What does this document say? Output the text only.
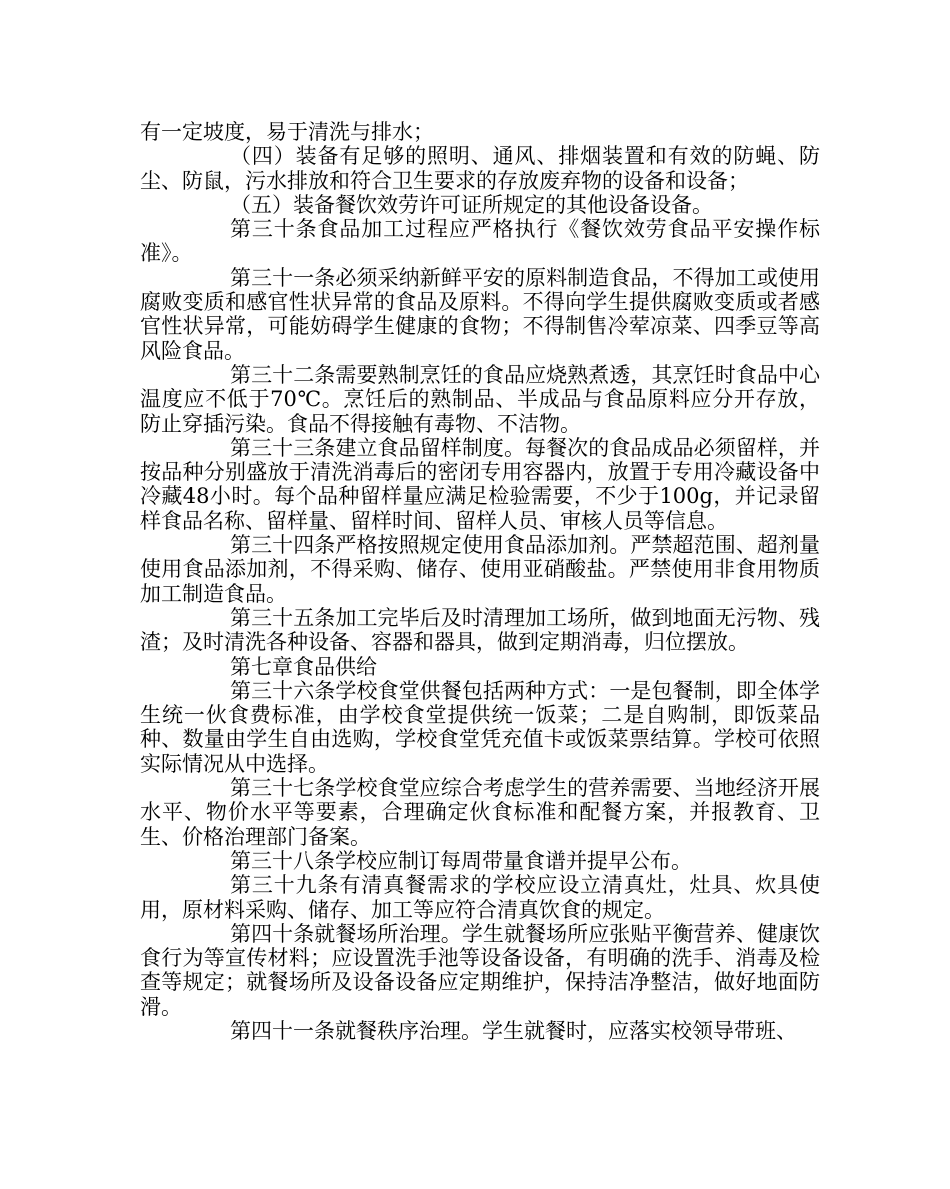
有一定坡度，易于清洗与排水；

（四）装备有足够的照明、通风、排烟装置和有效的防蝇、防尘、防鼠，污水排放和符合卫生要求的存放废弃物的设备和设备；

（五）装备餐饮效劳许可证所规定的其他设备设备。

第三十条食品加工过程应严格执行《餐饮效劳食品平安操作标准》。

第三十一条必须采纳新鲜平安的原料制造食品，不得加工或使用腐败变质和感官性状异常的食品及原料。不得向学生提供腐败变质或者感官性状异常，可能妨碍学生健康的食物；不得制售冷荤凉菜、四季豆等高风险食品。

第三十二条需要熟制烹饪的食品应烧熟煮透，其烹饪时食品中心温度应不低于70℃。烹饪后的熟制品、半成品与食品原料应分开存放，防止穿插污染。食品不得接触有毒物、不洁物。

第三十三条建立食品留样制度。每餐次的食品成品必须留样，并按品种分别盛放于清洗消毒后的密闭专用容器内，放置于专用冷藏设备中冷藏48小时。每个品种留样量应满足检验需要，不少于100g，并记录留样食品名称、留样量、留样时间、留样人员、审核人员等信息。

第三十四条严格按照规定使用食品添加剂。严禁超范围、超剂量使用食品添加剂，不得采购、储存、使用亚硝酸盐。严禁使用非食用物质加工制造食品。

第三十五条加工完毕后及时清理加工场所，做到地面无污物、残渣；及时清洗各种设备、容器和器具，做到定期消毒，归位摆放。

第七章食品供给

第三十六条学校食堂供餐包括两种方式：一是包餐制，即全体学生统一伙食费标准，由学校食堂提供统一饭菜；二是自购制，即饭菜品种、数量由学生自由选购，学校食堂凭充值卡或饭菜票结算。学校可依照实际情况从中选择。

第三十七条学校食堂应综合考虑学生的营养需要、当地经济开展水平、物价水平等要素，合理确定伙食标准和配餐方案，并报教育、卫生、价格治理部门备案。

第三十八条学校应制订每周带量食谱并提早公布。

第三十九条有清真餐需求的学校应设立清真灶，灶具、炊具使用，原材料采购、储存、加工等应符合清真饮食的规定。

第四十条就餐场所治理。学生就餐场所应张贴平衡营养、健康饮食行为等宣传材料；应设置洗手池等设备设备，有明确的洗手、消毒及检查等规定；就餐场所及设备设备应定期维护，保持洁净整洁，做好地面防滑。

第四十一条就餐秩序治理。学生就餐时，应落实校领导带班、
